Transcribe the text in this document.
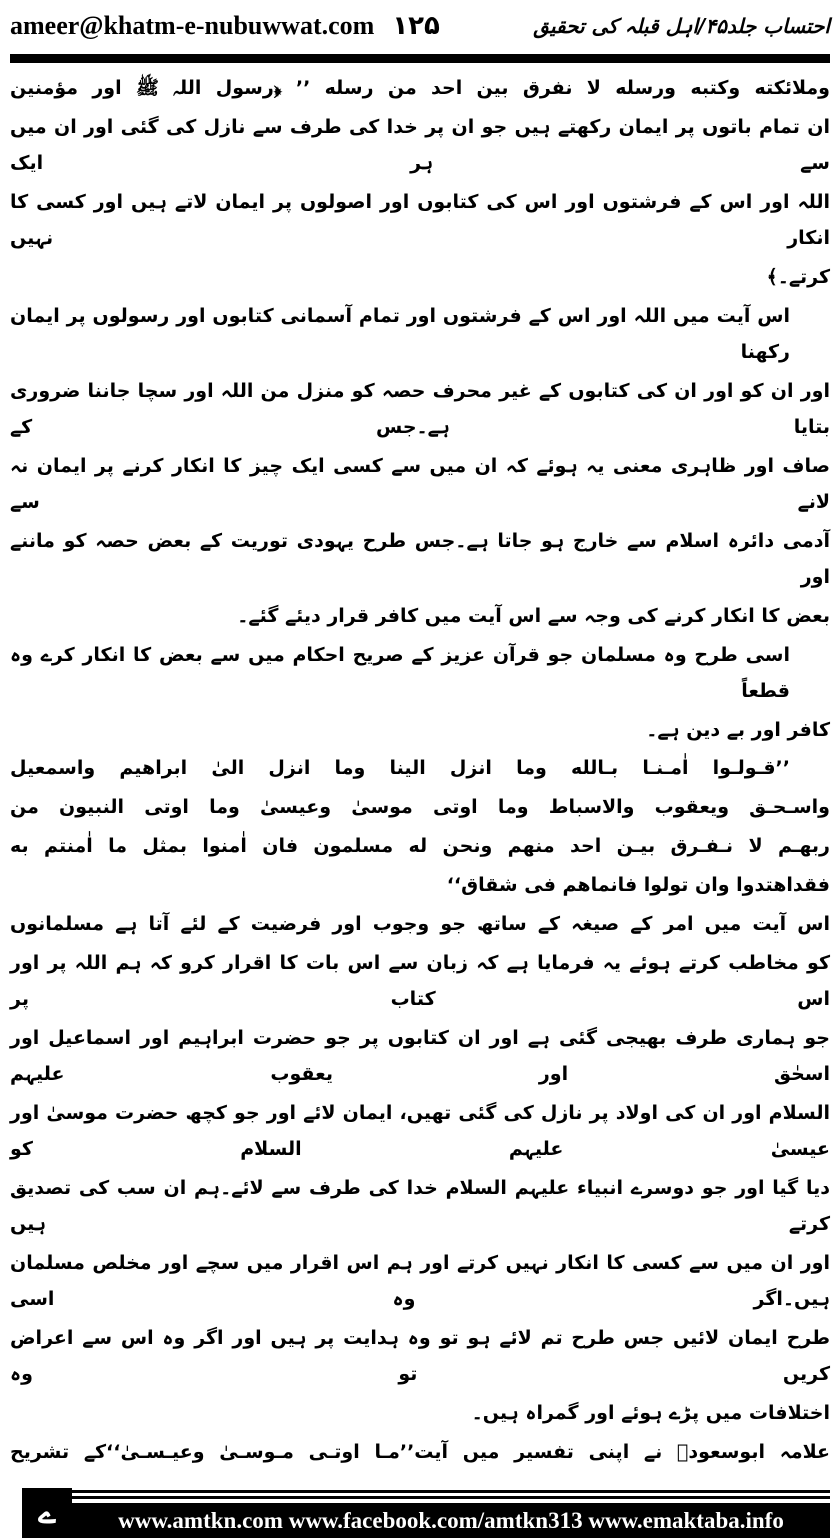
ameer@khatm-e-nubuwwat.com ۱۲۵	احتساب جلد۴۵/اہل قبلہ کی تحقیق
وملائکته وکتبه ورسله لا نفرق بین احد من رسله ’’ ﴿رسول اللہ ﷺ اور مؤمنین
ان تمام باتوں پر ایمان رکھتے ہیں جو ان پر خدا کی طرف سے نازل کی گئی اور ان میں سے ہر ایک
اللہ اور اس کے فرشتوں اور اس کی کتابوں اور اصولوں پر ایمان لاتے ہیں اور کسی کا انکار نہیں
کرتے۔﴾
اس آیت میں اللہ اور اس کے فرشتوں اور تمام آسمانی کتابوں اور رسولوں پر ایمان رکھنا
اور ان کو اور ان کی کتابوں کے غیر محرف حصہ کو منزل من اللہ اور سچا جاننا ضروری بتایا ہے۔جس کے
صاف اور ظاہری معنی یہ ہوئے کہ ان میں سے کسی ایک چیز کا انکار کرنے پر ایمان نہ لانے سے
آدمی دائرہ اسلام سے خارج ہو جاتا ہے۔جس طرح یہودی توریت کے بعض حصہ کو ماننے اور
بعض کا انکار کرنے کی وجہ سے اس آیت میں کافر قرار دیئے گئے۔
اسی طرح وہ مسلمان جو قرآن عزیز کے صریح احکام میں سے بعض کا انکار کرے وہ قطعاً
کافر اور بے دین ہے۔
’’قـولـوا اٰمـنـا بـالله وما انزل الینا وما انزل الیٰ ابراھیم واسمعیل
واسـحـق ویعقوب والاسباط وما اوتی موسیٰ وعیسیٰ وما اوتی النبیون من
ربھـم لا نـفـرق بیـن احد منھم ونحن له مسلمون فان اٰمنوا بمثل ما اٰمنتم به
فقداھتدوا وان تولوا فانماھم فی شقاق‘‘
اس آیت میں امر کے صیغہ کے ساتھ جو وجوب اور فرضیت کے لئے آتا ہے مسلمانوں
کو مخاطب کرتے ہوئے یہ فرمایا ہے کہ زبان سے اس بات کا اقرار کرو کہ ہم اللہ پر اور اس کتاب پر
جو ہماری طرف بھیجی گئی ہے اور ان کتابوں پر جو حضرت ابراہیم اور اسماعیل اور اسحٰق اور یعقوب علیہم
السلام اور ان کی اولاد پر نازل کی گئی تھیں، ایمان لائے اور جو کچھ حضرت موسیٰ اور عیسیٰ علیہم السلام کو
دیا گیا اور جو دوسرے انبیاء علیہم السلام خدا کی طرف سے لائے۔ہم ان سب کی تصدیق کرتے ہیں
اور ان میں سے کسی کا انکار نہیں کرتے اور ہم اس اقرار میں سچے اور مخلص مسلمان ہیں۔اگر وہ اسی
طرح ایمان لائیں جس طرح تم لائے ہو تو وہ ہدایت پر ہیں اور اگر وہ اس سے اعراض کریں تو وہ
اختلافات میں پڑے ہوئے اور گمراہ ہیں۔
علامہ ابوسعودؒ نے اپنی تفسیر میں آیت’’مـا اوتـی مـوسـیٰ وعیـسـیٰ‘‘کے تشریح
ے	www.amtkn.com www.facebook.com/amtkn313 www.emaktaba.info
